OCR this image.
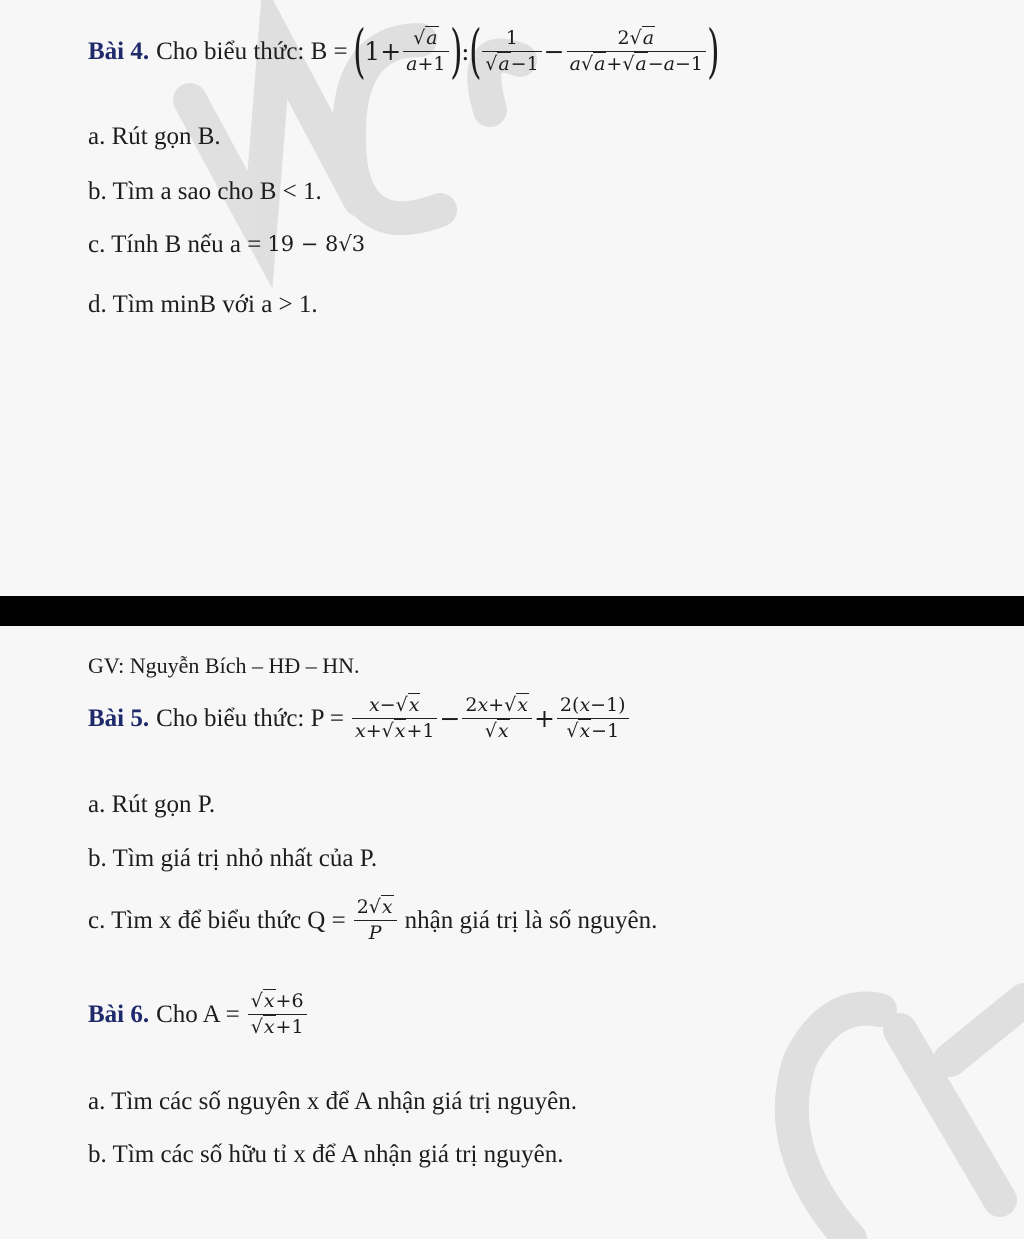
Bài 4. Cho biểu thức: B = ( $1+ \frac{√a}{a+1}$ ) : ( $\frac{1}{√a-1} - \frac{2√a}{a√a+√a-a-1}$ )
a. Rút gọn B.
b. Tìm a sao cho B < 1.
c. Tính B nếu a = 19 − 8√3
d. Tìm minB với a > 1.
GV: Nguyễn Bích – HĐ – HN.
Bài 5. Cho biểu thức: $P = \frac{x-√x}{x+√x+1} - \frac{2x+√x}{√x} + \frac{2(x-1)}{√x-1}$
a. Rút gọn P.
b. Tìm giá trị nhỏ nhất của P.
c. Tìm x để biểu thức $Q = \frac{2√x}{P}$ nhận giá trị là số nguyên.
Bài 6. Cho $A = \frac{√x+6}{√x+1}$
a. Tìm các số nguyên x để A nhận giá trị nguyên.
b. Tìm các số hữu tỉ x để A nhận giá trị nguyên.
